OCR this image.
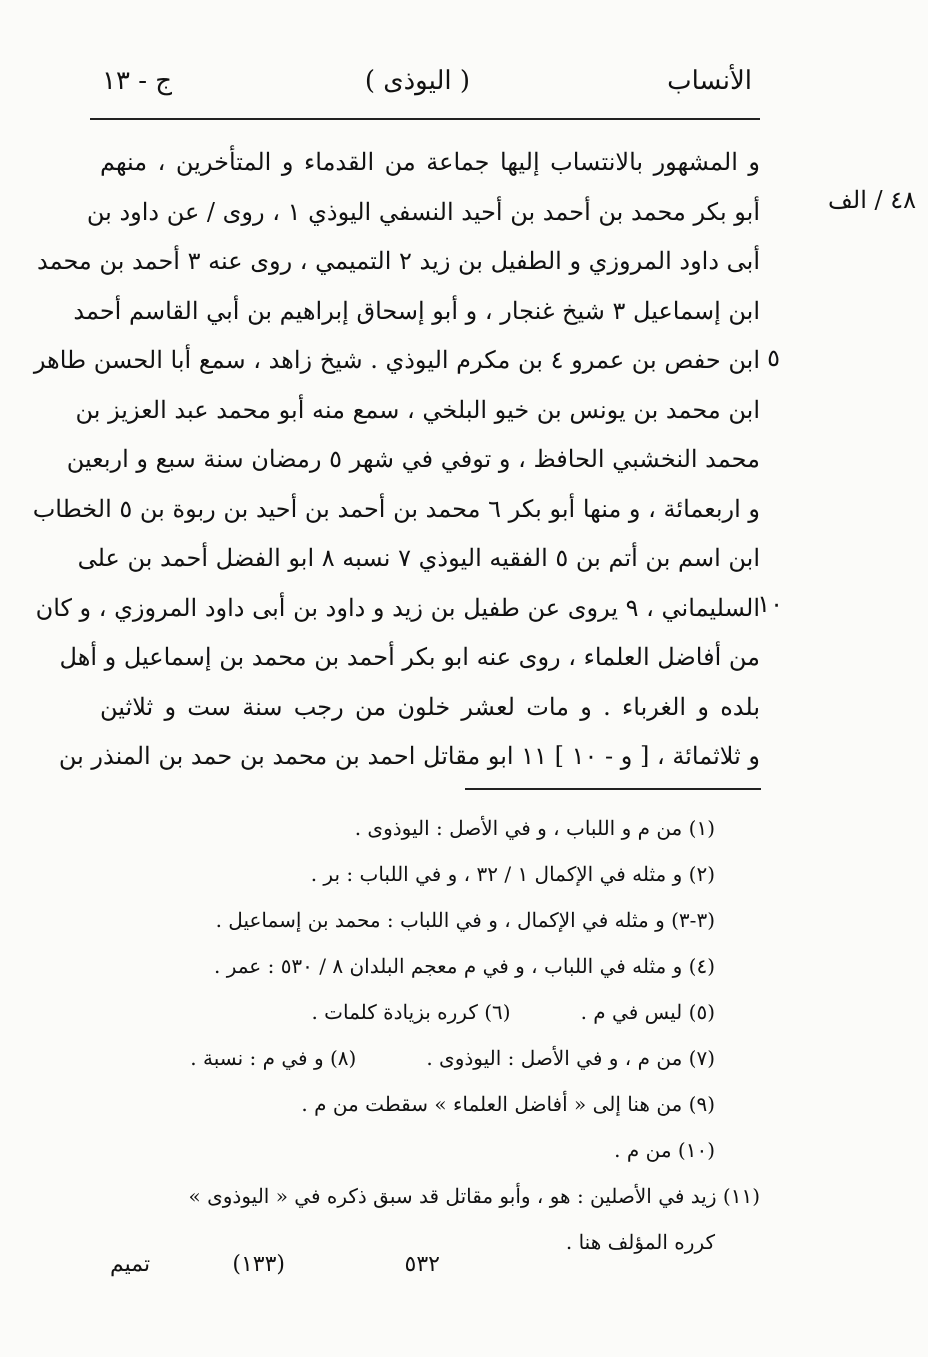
الأنساب
( اليوذى )
ج - ١٣
٤٨ / الف
٥
١٠
و المشهور بالانتساب إليها جماعة من القدماء و المتأخرين ، منهم
أبو بكر محمد بن أحمد بن أحيد النسفي اليوذي ١ ، روى / عن داود بن
أبى داود المروزي و الطفيل بن زيد ٢ التميمي ، روى عنه ٣ أحمد بن محمد
ابن إسماعيل ٣ شيخ غنجار ، و أبو إسحاق إبراهيم بن أبي القاسم أحمد
ابن حفص بن عمرو ٤ بن مكرم اليوذي . شيخ زاهد ، سمع أبا الحسن طاهر
ابن محمد بن يونس بن خيو البلخي ، سمع منه أبو محمد عبد العزيز بن
محمد النخشبي الحافظ ، و توفي في شهر ٥ رمضان سنة سبع و اربعين
و اربعمائة ، و منها أبو بكر ٦ محمد بن أحمد بن أحيد بن ربوة بن ٥ الخطاب
ابن اسم بن أتم بن ٥ الفقيه اليوذي ٧ نسبه ٨ ابو الفضل أحمد بن على
السليماني ، ٩ يروى عن طفيل بن زيد و داود بن أبى داود المروزي ، و كان
من أفاضل العلماء ، روى عنه ابو بكر أحمد بن محمد بن إسماعيل و أهل
بلده و الغرباء . و مات لعشر خلون من رجب سنة ست و ثلاثين
و ثلاثمائة ، [ و - ١٠ ] ١١ ابو مقاتل احمد بن محمد بن حمد بن المنذر بن
(١) من م و اللباب ، و في الأصل : اليوذوى .
(٢) و مثله في الإكمال ١ / ٣٢ ، و في اللباب : بر .
(٣-٣) و مثله في الإكمال ، و في اللباب : محمد بن إسماعيل .
(٤) و مثله في اللباب ، و في م معجم البلدان ٨ / ٥٣٠ : عمر .
(٥) ليس في م .(٦) كرره بزيادة كلمات .
(٧) من م ، و في الأصل : اليوذوى .(٨) و في م : نسبة .
(٩) من هنا إلى « أفاضل العلماء » سقطت من م .
(١٠) من م .
(١١) زيد في الأصلين : هو ، وأبو مقاتل قد سبق ذكره في « اليوذوى »
كرره المؤلف هنا .
٥٣٢
(١٣٣)
تميم
